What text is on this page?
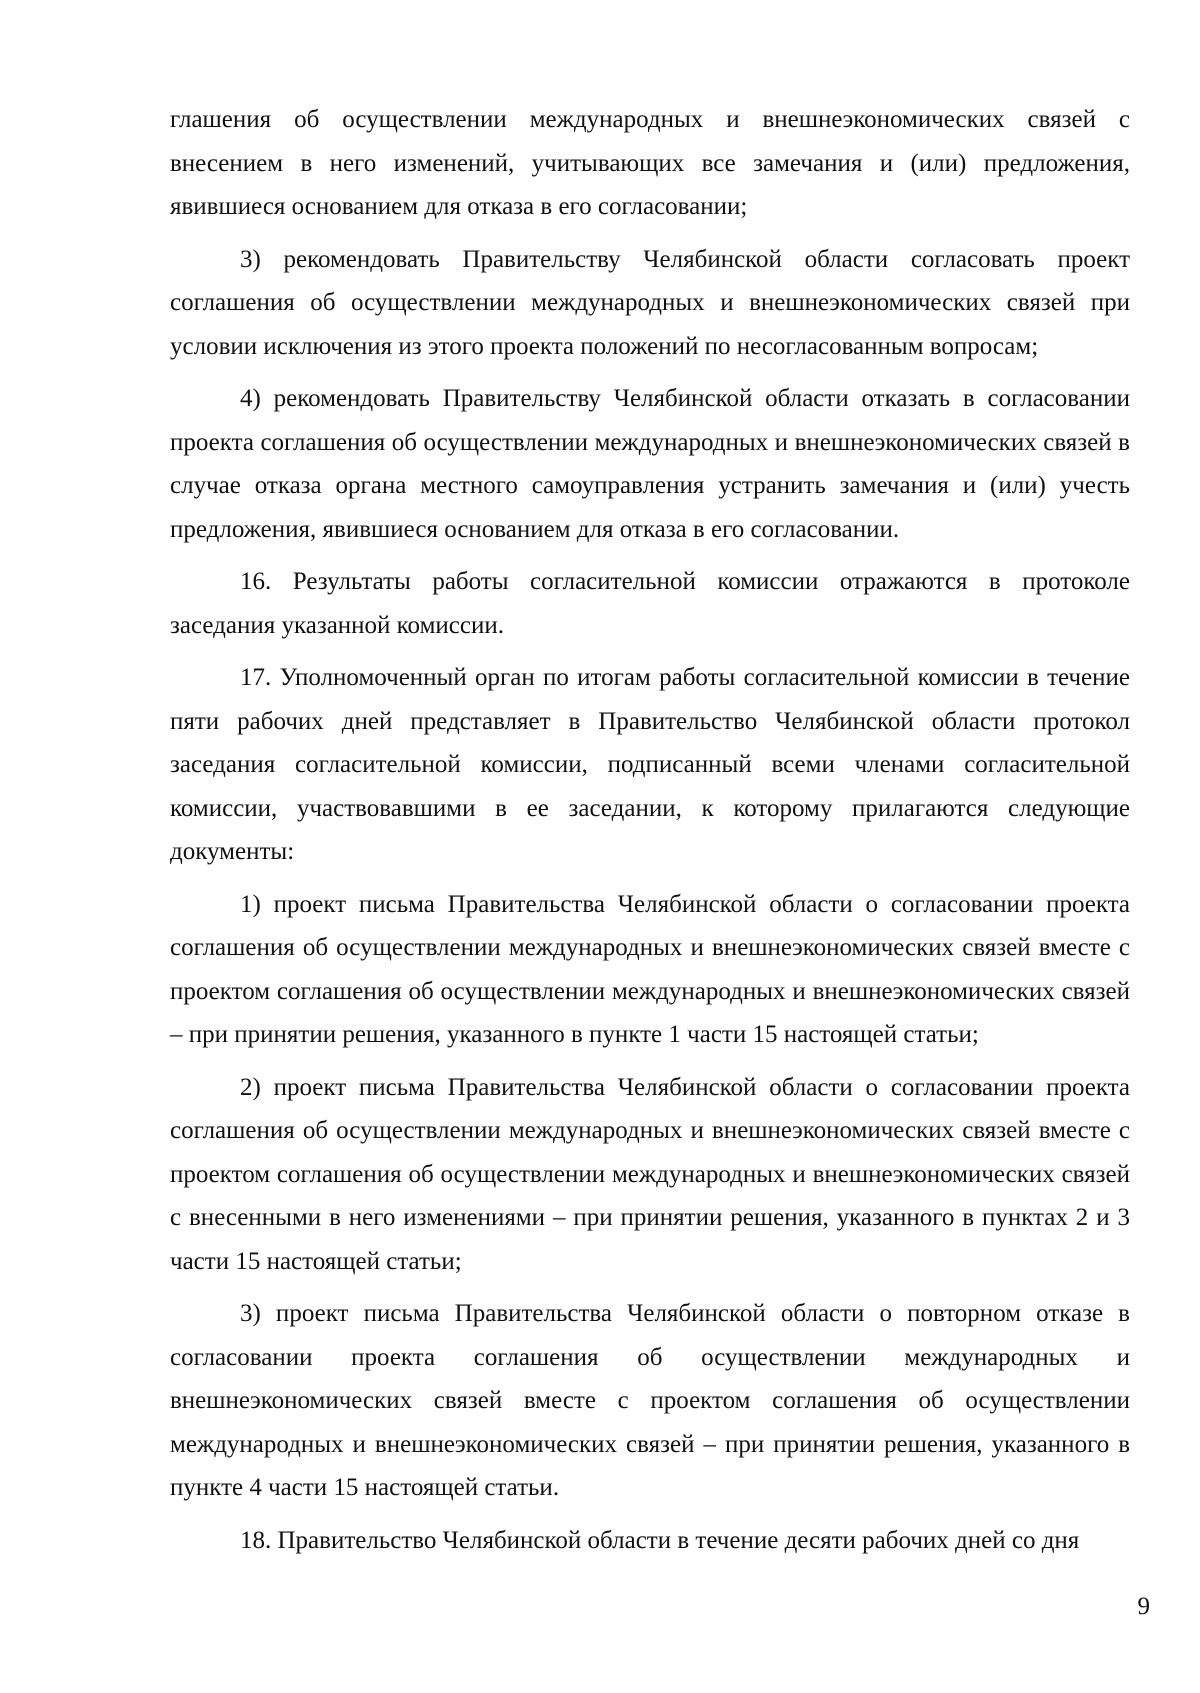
глашения об осуществлении международных и внешнеэкономических связей с внесением в него изменений, учитывающих все замечания и (или) предложения, явившиеся основанием для отказа в его согласовании;

3) рекомендовать Правительству Челябинской области согласовать проект соглашения об осуществлении международных и внешнеэкономических связей при условии исключения из этого проекта положений по несогласованным вопросам;

4) рекомендовать Правительству Челябинской области отказать в согласовании проекта соглашения об осуществлении международных и внешнеэкономических связей в случае отказа органа местного самоуправления устранить замечания и (или) учесть предложения, явившиеся основанием для отказа в его согласовании.

16. Результаты работы согласительной комиссии отражаются в протоколе заседания указанной комиссии.

17. Уполномоченный орган по итогам работы согласительной комиссии в течение пяти рабочих дней представляет в Правительство Челябинской области протокол заседания согласительной комиссии, подписанный всеми членами согласительной комиссии, участвовавшими в ее заседании, к которому прилагаются следующие документы:

1) проект письма Правительства Челябинской области о согласовании проекта соглашения об осуществлении международных и внешнеэкономических связей вместе с проектом соглашения об осуществлении международных и внешнеэкономических связей – при принятии решения, указанного в пункте 1 части 15 настоящей статьи;

2) проект письма Правительства Челябинской области о согласовании проекта соглашения об осуществлении международных и внешнеэкономических связей вместе с проектом соглашения об осуществлении международных и внешнеэкономических связей с внесенными в него изменениями – при принятии решения, указанного в пунктах 2 и 3 части 15 настоящей статьи;

3) проект письма Правительства Челябинской области о повторном отказе в согласовании проекта соглашения об осуществлении международных и внешнеэкономических связей вместе с проектом соглашения об осуществлении международных и внешнеэкономических связей – при принятии решения, указанного в пункте 4 части 15 настоящей статьи.

18. Правительство Челябинской области в течение десяти рабочих дней со дня

9
